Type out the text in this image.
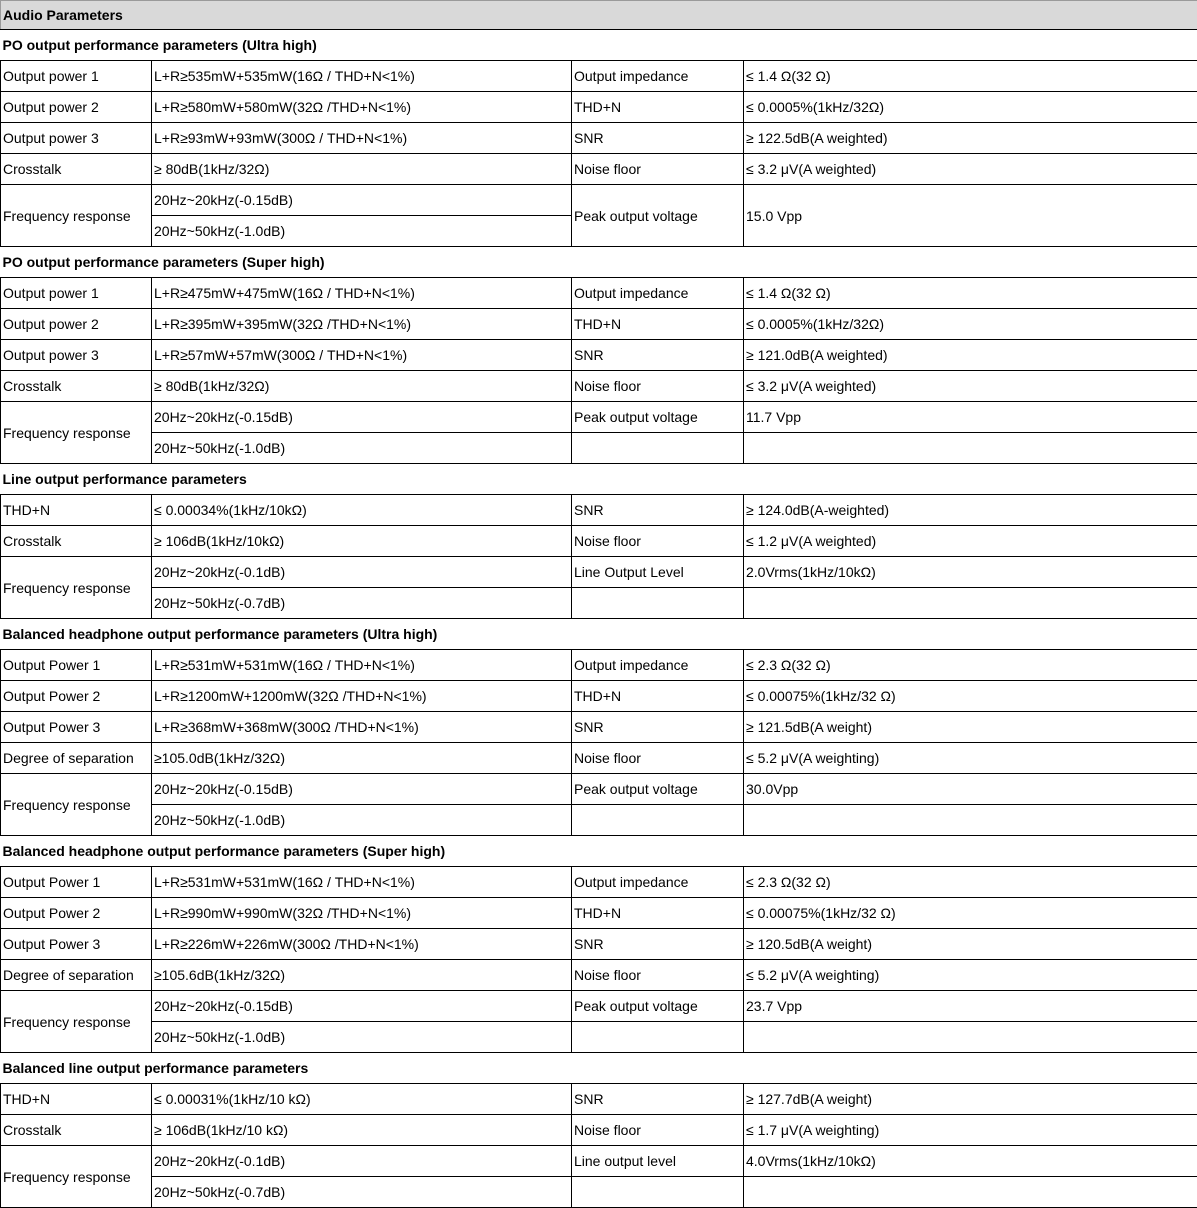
Audio Parameters			
PO output performance parameters (Ultra high)			
Output power 1	L+R≥535mW+535mW(16Ω / THD+N<1%)	Output impedance	≤ 1.4 Ω(32 Ω)
Output power 2	L+R≥580mW+580mW(32Ω /THD+N<1%)	THD+N	≤ 0.0005%(1kHz/32Ω)
Output power 3	L+R≥93mW+93mW(300Ω / THD+N<1%)	SNR	≥ 122.5dB(A weighted)
Crosstalk	≥ 80dB(1kHz/32Ω)	Noise floor	≤ 3.2 μV(A weighted)
Frequency response	20Hz~20kHz(-0.15dB)	Peak output voltage	15.0 Vpp
	20Hz~50kHz(-1.0dB)		
PO output performance parameters (Super high)			
Output power 1	L+R≥475mW+475mW(16Ω / THD+N<1%)	Output impedance	≤ 1.4 Ω(32 Ω)
Output power 2	L+R≥395mW+395mW(32Ω /THD+N<1%)	THD+N	≤ 0.0005%(1kHz/32Ω)
Output power 3	L+R≥57mW+57mW(300Ω / THD+N<1%)	SNR	≥ 121.0dB(A weighted)
Crosstalk	≥ 80dB(1kHz/32Ω)	Noise floor	≤ 3.2 μV(A weighted)
Frequency response	20Hz~20kHz(-0.15dB)	Peak output voltage	11.7 Vpp
	20Hz~50kHz(-1.0dB)		
Line output performance parameters			
THD+N	≤ 0.00034%(1kHz/10kΩ)	SNR	≥ 124.0dB(A-weighted)
Crosstalk	≥ 106dB(1kHz/10kΩ)	Noise floor	≤ 1.2 μV(A weighted)
Frequency response	20Hz~20kHz(-0.1dB)	Line Output Level	2.0Vrms(1kHz/10kΩ)
	20Hz~50kHz(-0.7dB)		
Balanced headphone output performance parameters (Ultra high)			
Output Power 1	L+R≥531mW+531mW(16Ω / THD+N<1%)	Output impedance	≤ 2.3 Ω(32 Ω)
Output Power 2	L+R≥1200mW+1200mW(32Ω /THD+N<1%)	THD+N	≤ 0.00075%(1kHz/32 Ω)
Output Power 3	L+R≥368mW+368mW(300Ω /THD+N<1%)	SNR	≥ 121.5dB(A weight)
Degree of separation	≥105.0dB(1kHz/32Ω)	Noise floor	≤ 5.2 μV(A weighting)
Frequency response	20Hz~20kHz(-0.15dB)	Peak output voltage	30.0Vpp
	20Hz~50kHz(-1.0dB)		
Balanced headphone output performance parameters (Super high)			
Output Power 1	L+R≥531mW+531mW(16Ω / THD+N<1%)	Output impedance	≤ 2.3 Ω(32 Ω)
Output Power 2	L+R≥990mW+990mW(32Ω /THD+N<1%)	THD+N	≤ 0.00075%(1kHz/32 Ω)
Output Power 3	L+R≥226mW+226mW(300Ω /THD+N<1%)	SNR	≥ 120.5dB(A weight)
Degree of separation	≥105.6dB(1kHz/32Ω)	Noise floor	≤ 5.2 μV(A weighting)
Frequency response	20Hz~20kHz(-0.15dB)	Peak output voltage	23.7 Vpp
	20Hz~50kHz(-1.0dB)		
Balanced line output performance parameters			
THD+N	≤ 0.00031%(1kHz/10 kΩ)	SNR	≥ 127.7dB(A weight)
Crosstalk	≥ 106dB(1kHz/10 kΩ)	Noise floor	≤ 1.7 μV(A weighting)
Frequency response	20Hz~20kHz(-0.1dB)	Line output level	4.0Vrms(1kHz/10kΩ)
	20Hz~50kHz(-0.7dB)		
